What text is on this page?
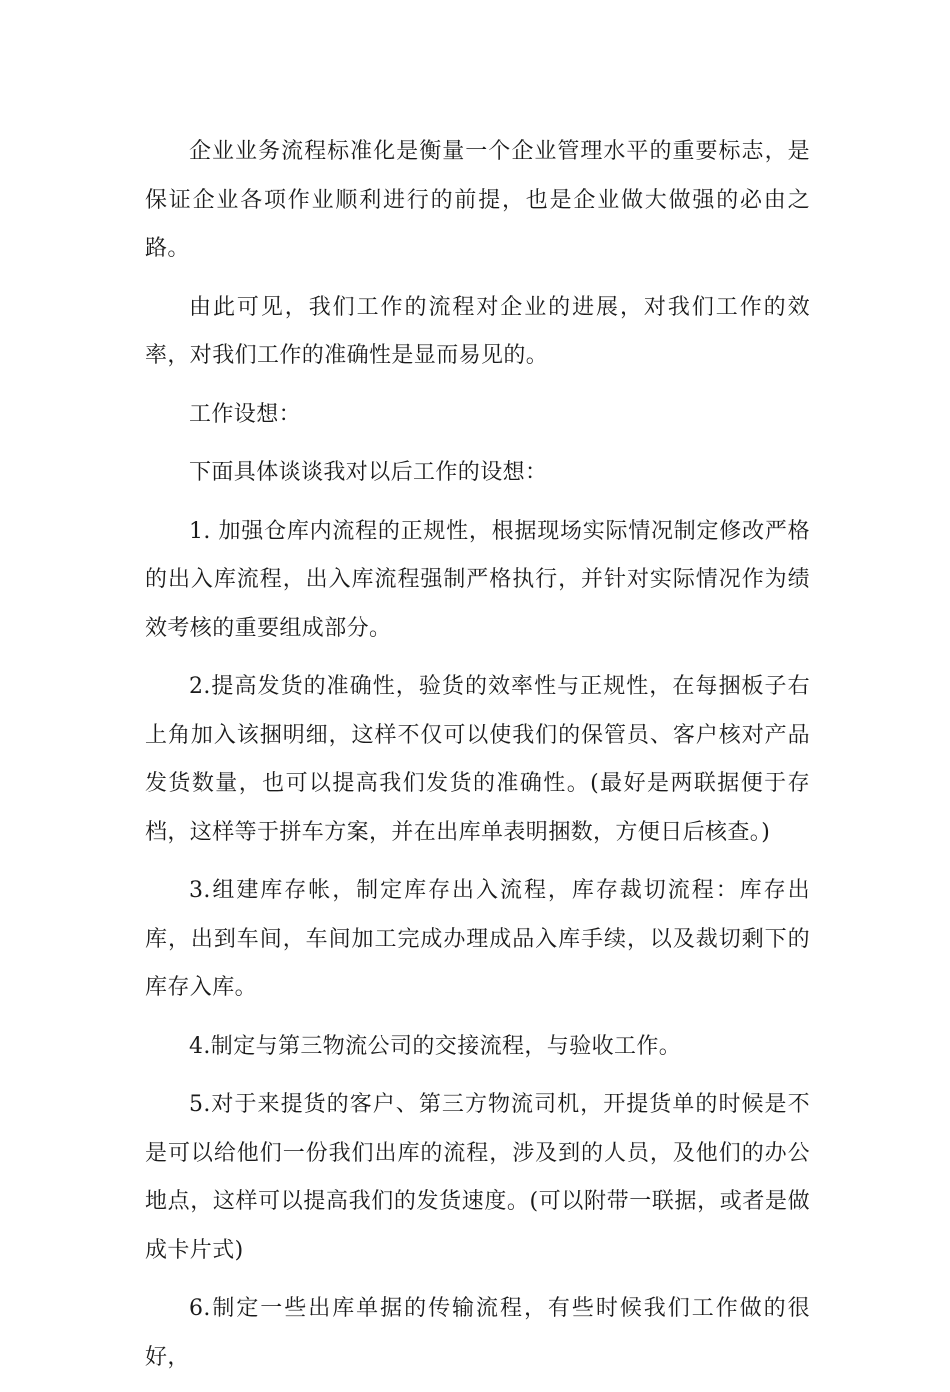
企业业务流程标准化是衡量一个企业管理水平的重要标志，是保证企业各项作业顺利进行的前提，也是企业做大做强的必由之路。

由此可见，我们工作的流程对企业的进展，对我们工作的效率，对我们工作的准确性是显而易见的。

工作设想：

下面具体谈谈我对以后工作的设想：

1. 加强仓库内流程的正规性，根据现场实际情况制定修改严格的出入库流程，出入库流程强制严格执行，并针对实际情况作为绩效考核的重要组成部分。

2.提高发货的准确性，验货的效率性与正规性，在每捆板子右上角加入该捆明细，这样不仅可以使我们的保管员、客户核对产品发货数量，也可以提高我们发货的准确性。(最好是两联据便于存档，这样等于拼车方案，并在出库单表明捆数，方便日后核查。)

3.组建库存帐，制定库存出入流程，库存裁切流程：库存出库，出到车间，车间加工完成办理成品入库手续，以及裁切剩下的库存入库。

4.制定与第三物流公司的交接流程，与验收工作。

5.对于来提货的客户、第三方物流司机，开提货单的时候是不是可以给他们一份我们出库的流程，涉及到的人员，及他们的办公地点，这样可以提高我们的发货速度。(可以附带一联据，或者是做成卡片式)

6.制定一些出库单据的传输流程，有些时候我们工作做的很好，
